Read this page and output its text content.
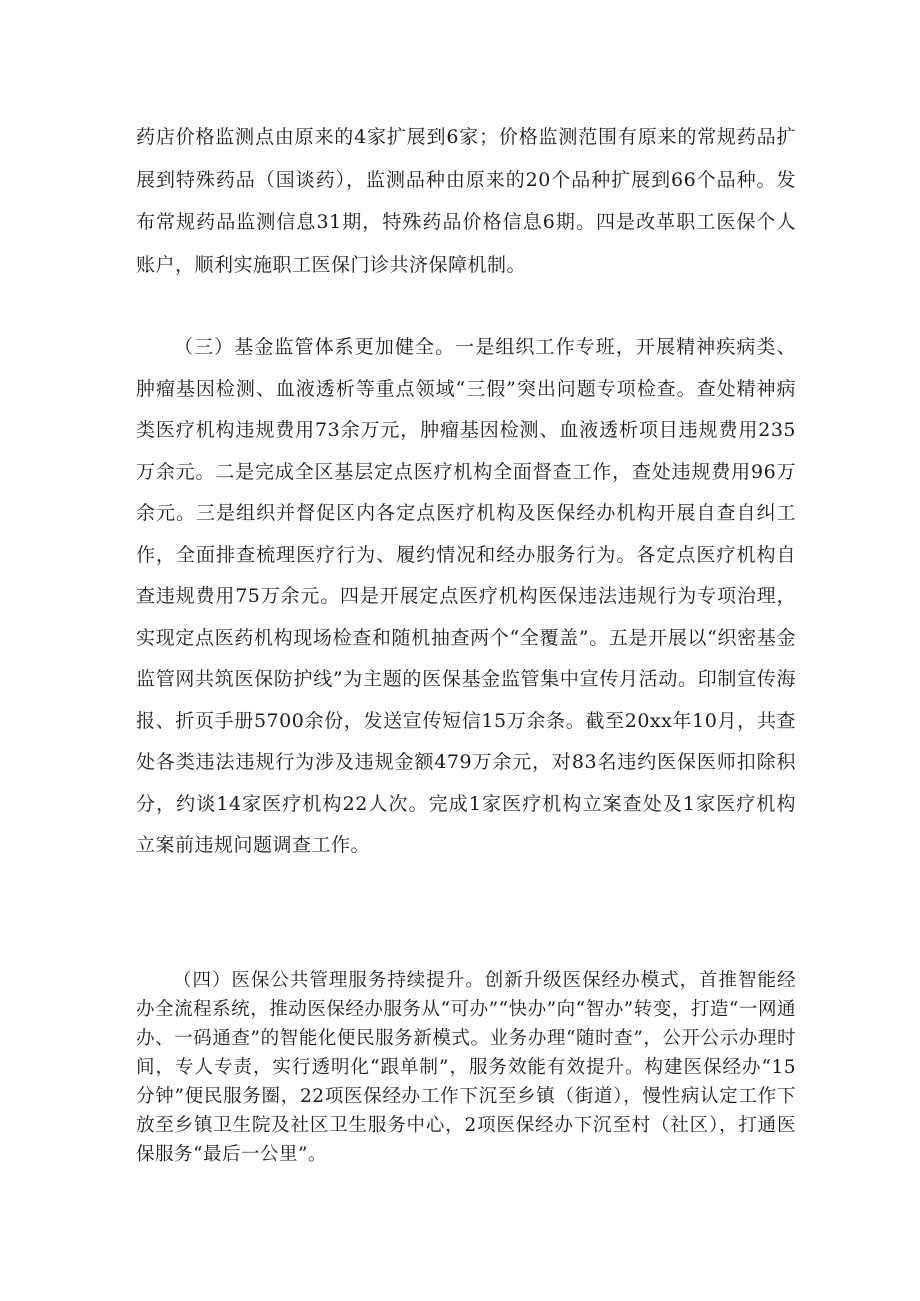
药店价格监测点由原来的4家扩展到6家；价格监测范围有原来的常规药品扩展到特殊药品（国谈药），监测品种由原来的20个品种扩展到66个品种。发布常规药品监测信息31期，特殊药品价格信息6期。四是改革职工医保个人账户，顺利实施职工医保门诊共济保障机制。

（三）基金监管体系更加健全。一是组织工作专班，开展精神疾病类、肿瘤基因检测、血液透析等重点领域“三假”突出问题专项检查。查处精神病类医疗机构违规费用73余万元，肿瘤基因检测、血液透析项目违规费用235万余元。二是完成全区基层定点医疗机构全面督查工作，查处违规费用96万余元。三是组织并督促区内各定点医疗机构及医保经办机构开展自查自纠工作，全面排查梳理医疗行为、履约情况和经办服务行为。各定点医疗机构自查违规费用75万余元。四是开展定点医疗机构医保违法违规行为专项治理，实现定点医药机构现场检查和随机抽查两个“全覆盖”。五是开展以“织密基金监管网共筑医保防护线”为主题的医保基金监管集中宣传月活动。印制宣传海报、折页手册5700余份，发送宣传短信15万余条。截至20xx年10月，共查处各类违法违规行为涉及违规金额479万余元，对83名违约医保医师扣除积分，约谈14家医疗机构22人次。完成1家医疗机构立案查处及1家医疗机构立案前违规问题调查工作。

（四）医保公共管理服务持续提升。创新升级医保经办模式，首推智能经办全流程系统，推动医保经办服务从“可办”“快办”向“智办”转变，打造“一网通办、一码通查”的智能化便民服务新模式。业务办理“随时查”，公开公示办理时间，专人专责，实行透明化“跟单制”，服务效能有效提升。构建医保经办“15分钟”便民服务圈，22项医保经办工作下沉至乡镇（街道），慢性病认定工作下放至乡镇卫生院及社区卫生服务中心，2项医保经办下沉至村（社区），打通医保服务“最后一公里”。
